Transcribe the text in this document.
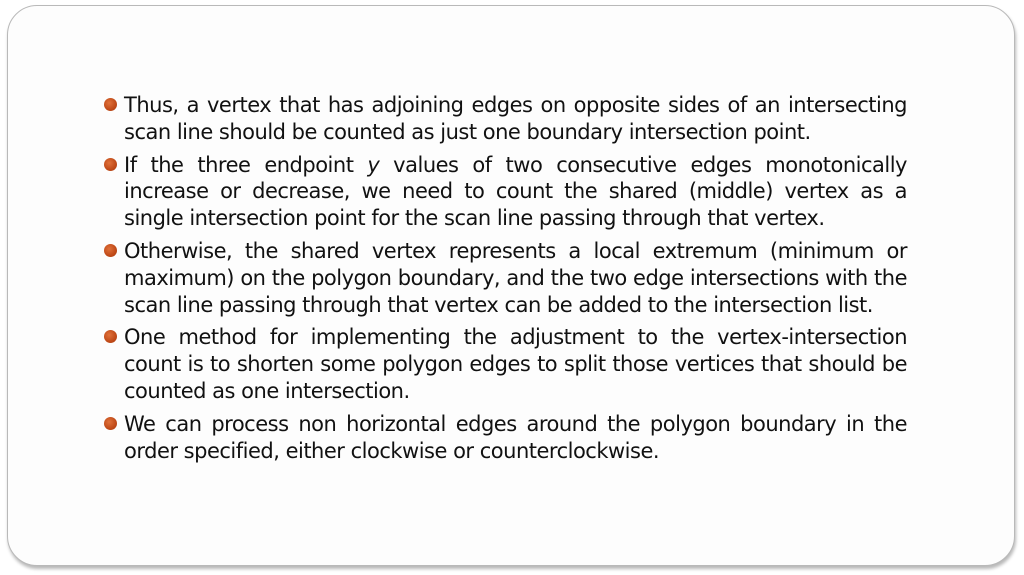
Thus, a vertex that has adjoining edges on opposite sides of an intersecting scan line should be counted as just one boundary intersection point.
If the three endpoint y values of two consecutive edges monotonically increase or decrease, we need to count the shared (middle) vertex as a single intersection point for the scan line passing through that vertex.
Otherwise, the shared vertex represents a local extremum (minimum or maximum) on the polygon boundary, and the two edge intersections with the scan line passing through that vertex can be added to the intersection list.
One method for implementing the adjustment to the vertex-intersection count is to shorten some polygon edges to split those vertices that should be counted as one intersection.
We can process non horizontal edges around the polygon boundary in the order specified, either clockwise or counterclockwise.
